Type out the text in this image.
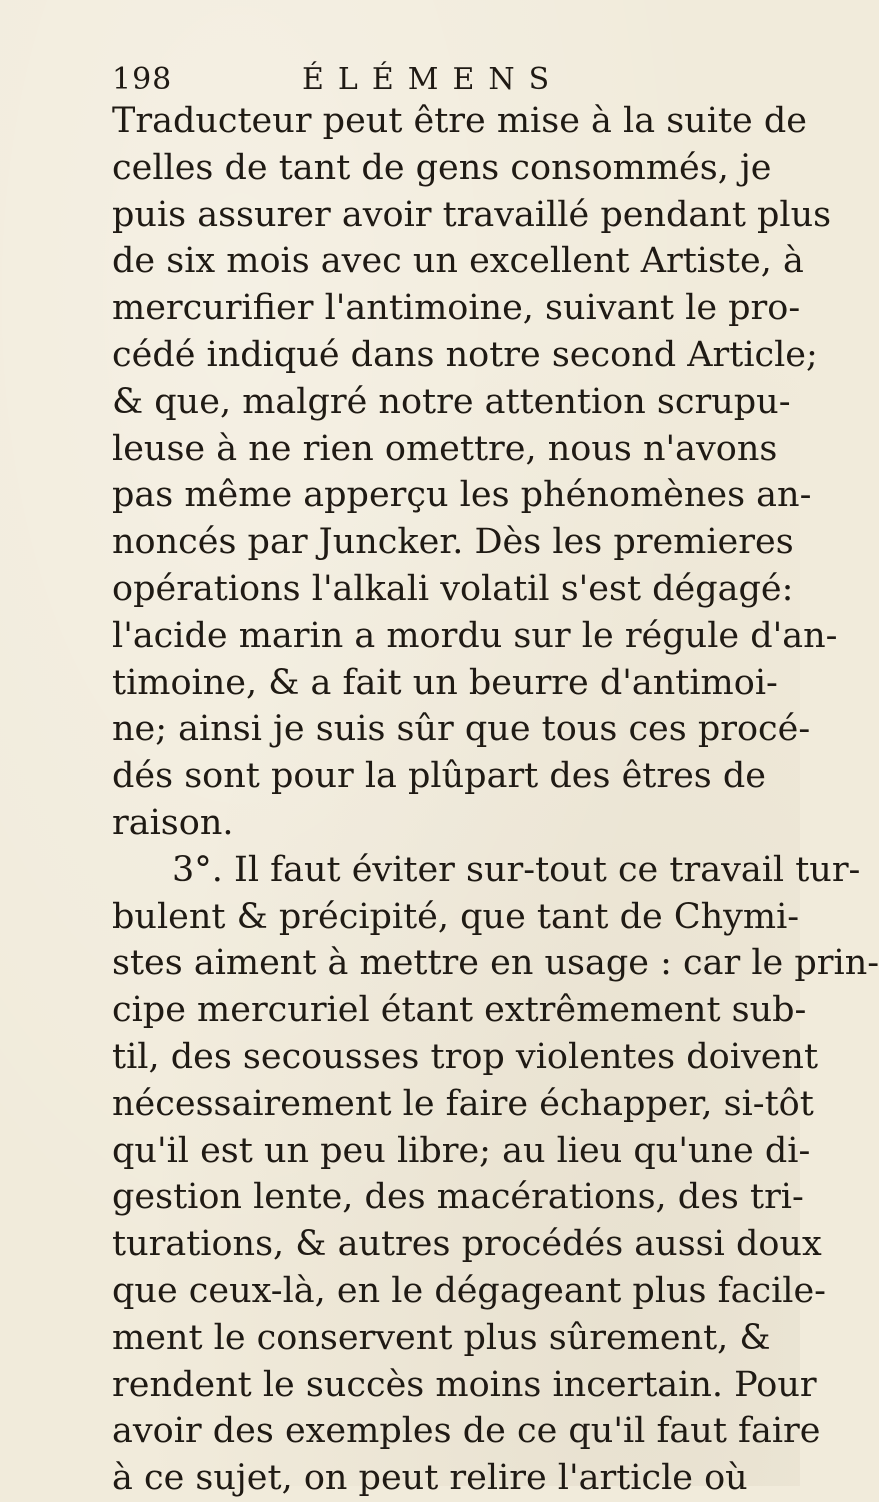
198	ÉLÉMENS
Traducteur peut être mise à la suite de
celles de tant de gens consommés, je
puis assurer avoir travaillé pendant plus
de six mois avec un excellent Artiste, à
mercurifier l'antimoine, suivant le pro-
cédé indiqué dans notre second Article;
& que, malgré notre attention scrupu-
leuse à ne rien omettre, nous n'avons
pas même apperçu les phénomènes an-
noncés par Juncker. Dès les premieres
opérations l'alkali volatil s'est dégagé:
l'acide marin a mordu sur le régule d'an-
timoine, & a fait un beurre d'antimoi-
ne; ainsi je suis sûr que tous ces procé-
dés sont pour la plûpart des êtres de
raison.
3°. Il faut éviter sur-tout ce travail tur-
bulent & précipité, que tant de Chymi-
stes aiment à mettre en usage : car le prin-
cipe mercuriel étant extrêmement sub-
til, des secousses trop violentes doivent
nécessairement le faire échapper, si-tôt
qu'il est un peu libre; au lieu qu'une di-
gestion lente, des macérations, des tri-
turations, & autres procédés aussi doux
que ceux-là, en le dégageant plus facile-
ment le conservent plus sûrement, &
rendent le succès moins incertain. Pour
avoir des exemples de ce qu'il faut faire
à ce sujet, on peut relire l'article où
